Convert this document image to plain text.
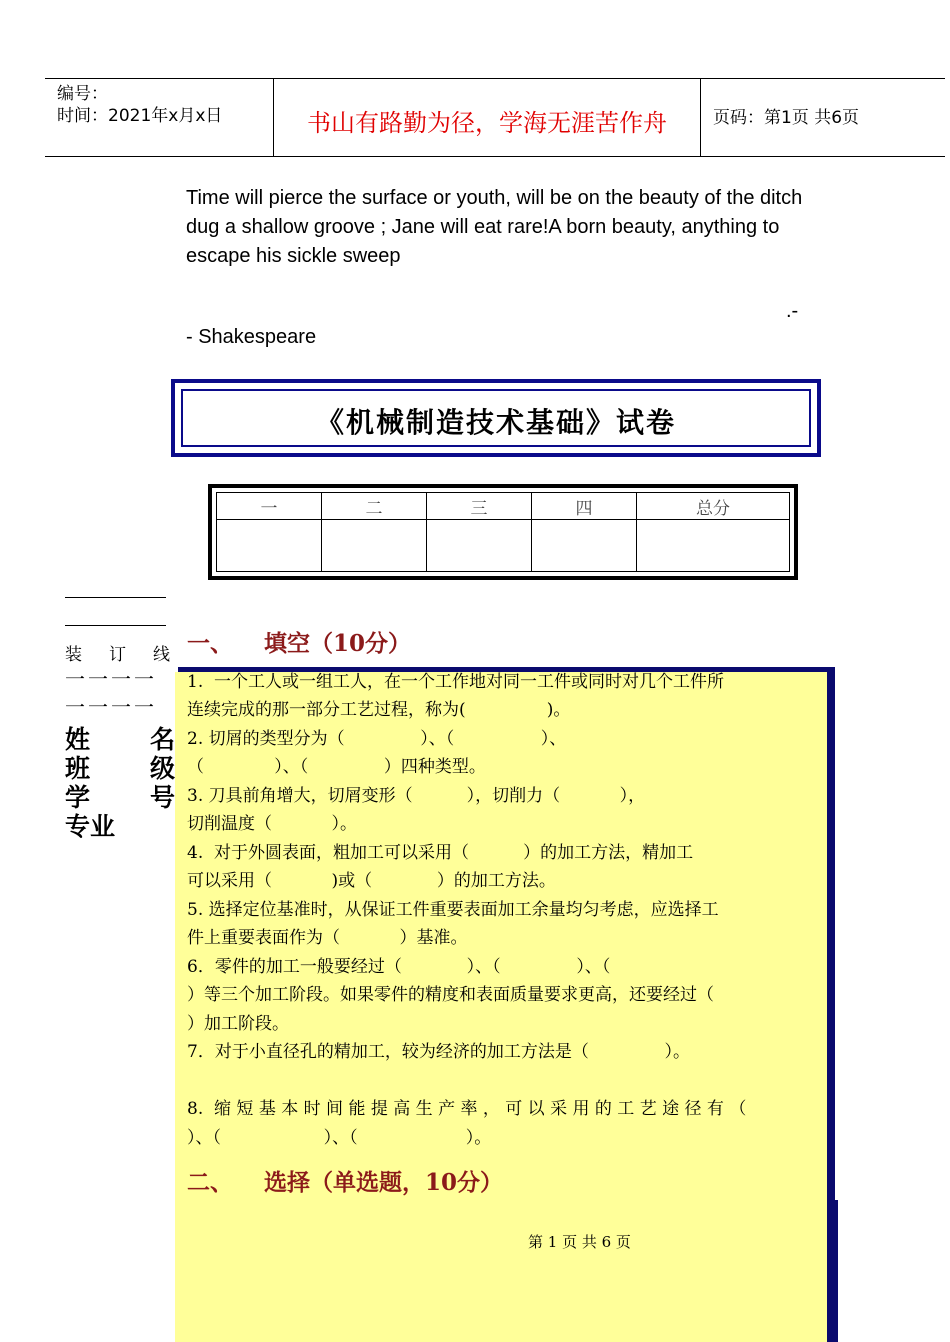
编号：
时间：2021年x月x日	书山有路勤为径，学海无涯苦作舟	页码：第1页 共6页
Time will pierce the surface or youth, will be on the beauty of the ditch dug a shallow groove ; Jane will eat rare!A born beauty, anything to escape his sickle sweep
.-
- Shakespeare
《机械制造技术基础》试卷
一	二	三	四	总分

装订线
一一一一
一一一一
姓 名
班 级
学 号
专业
一、 填空（10分）
1.  一个工人或一组工人，在一个工作地对同一工件或同时对几个工件所
连续完成的那一部分工艺过程，称为(               )。
2. 切屑的类型分为（              ）、（                ）、
（             ）、（              ）四种类型。
3. 刀具前角增大，切屑变形（          ），切削力（           ），
切削温度（           ）。
4.  对于外圆表面，粗加工可以采用（          ）的加工方法，精加工
可以采用（           )或（            ）的加工方法。
5. 选择定位基准时，从保证工件重要表面加工余量均匀考虑，应选择工
件上重要表面作为（           ）基准。
6．零件的加工一般要经过（            ）、（              ）、（
）等三个加工阶段。如果零件的精度和表面质量要求更高，还要经过（
）加工阶段。
7．对于小直径孔的精加工，较为经济的加工方法是（              ）。
8.  缩 短 基 本 时 间 能 提 高 生 产 率 ， 可 以 采 用 的 工 艺 途 径 有 （
）、（                   ）、（                    ）。
二、 选择（单选题，10分）
第 1 页 共 6 页
